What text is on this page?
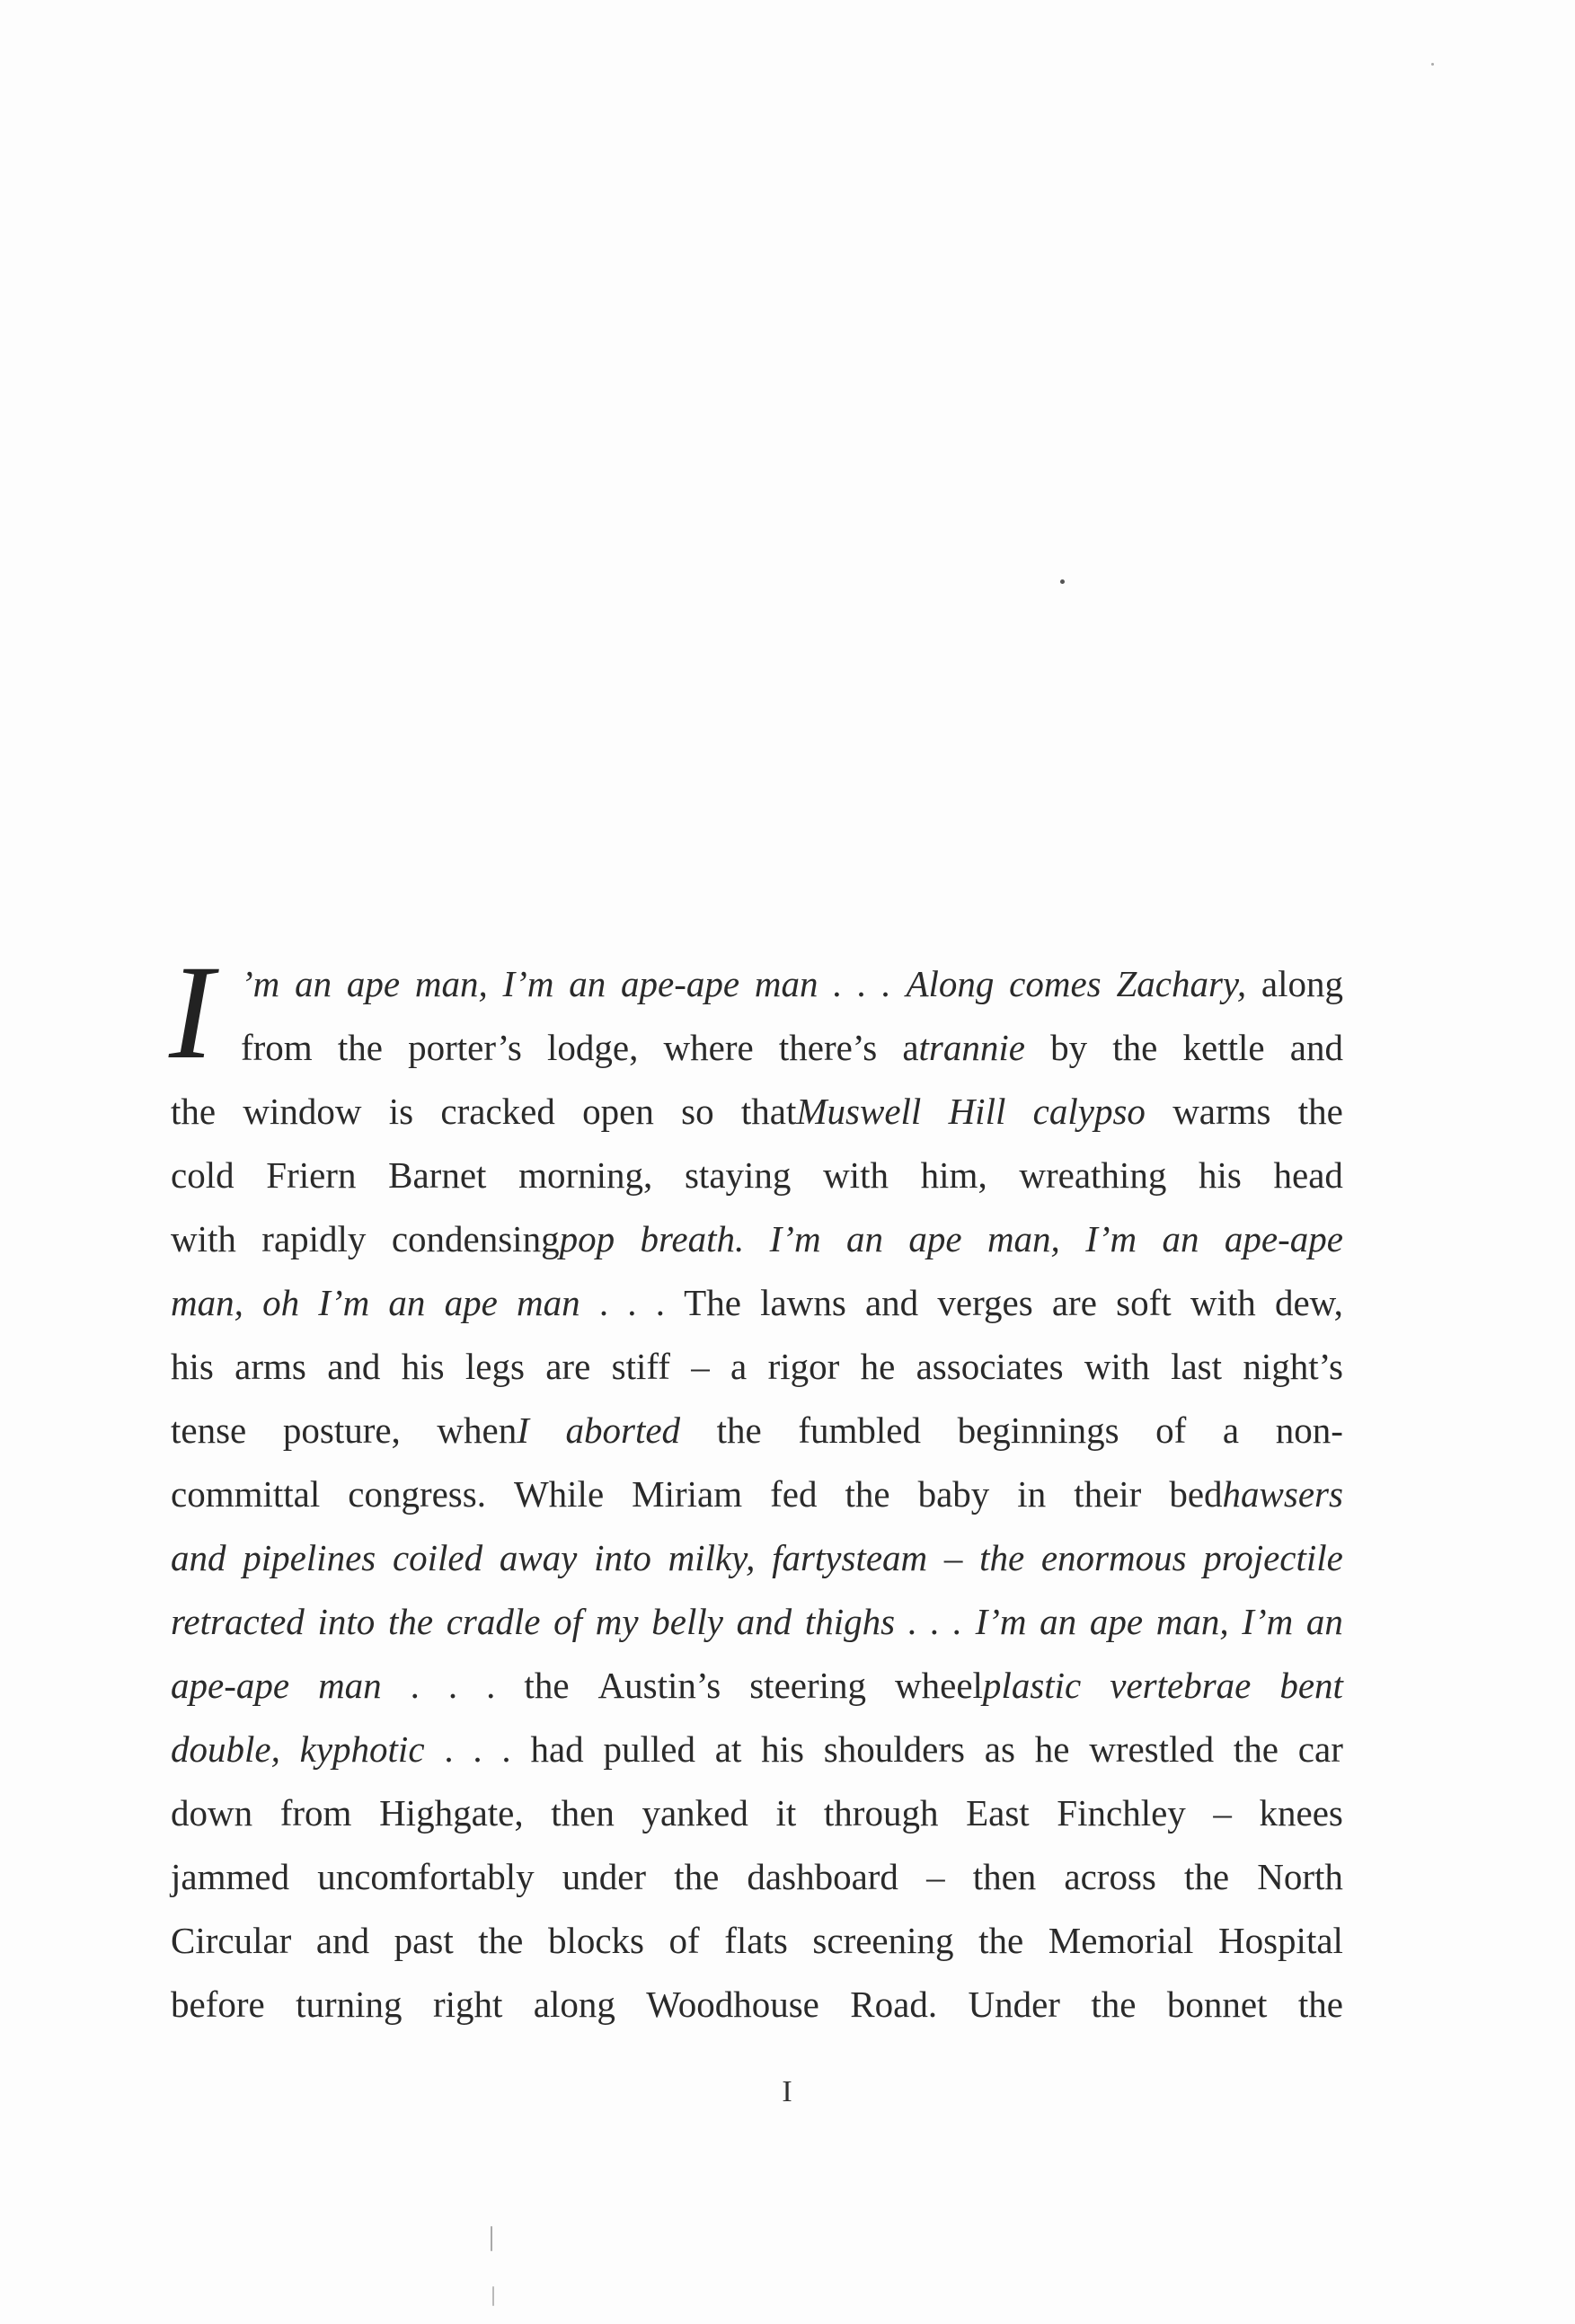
I ’m an ape man, I’m an ape-ape man . . . Along comes Zachary, along
from the porter’s lodge, where there’s atrannie by the kettle and
the window is cracked open so thatMuswell Hill calypso warms the
cold Friern Barnet morning, staying with him, wreathing his head
with rapidly condensingpop breath. I’m an ape man, I’m an ape-ape
man, oh I’m an ape man . . . The lawns and verges are soft with dew,
his arms and his legs are stiff – a rigor he associates with last night’s
tense posture, whenI aborted the fumbled beginnings of a non-
committal congress. While Miriam fed the baby in their bedhawsers
and pipelines coiled away into milky, fartysteam – the enormous projectile
retracted into the cradle of my belly and thighs . . . I’m an ape man, I’m an
ape-ape man . . . the Austin’s steering wheelplastic vertebrae bent
double, kyphotic . . . had pulled at his shoulders as he wrestled the car
down from Highgate, then yanked it through East Finchley – knees
jammed uncomfortably under the dashboard – then across the North
Circular and past the blocks of flats screening the Memorial Hospital
before turning right along Woodhouse Road. Under the bonnet the
I
